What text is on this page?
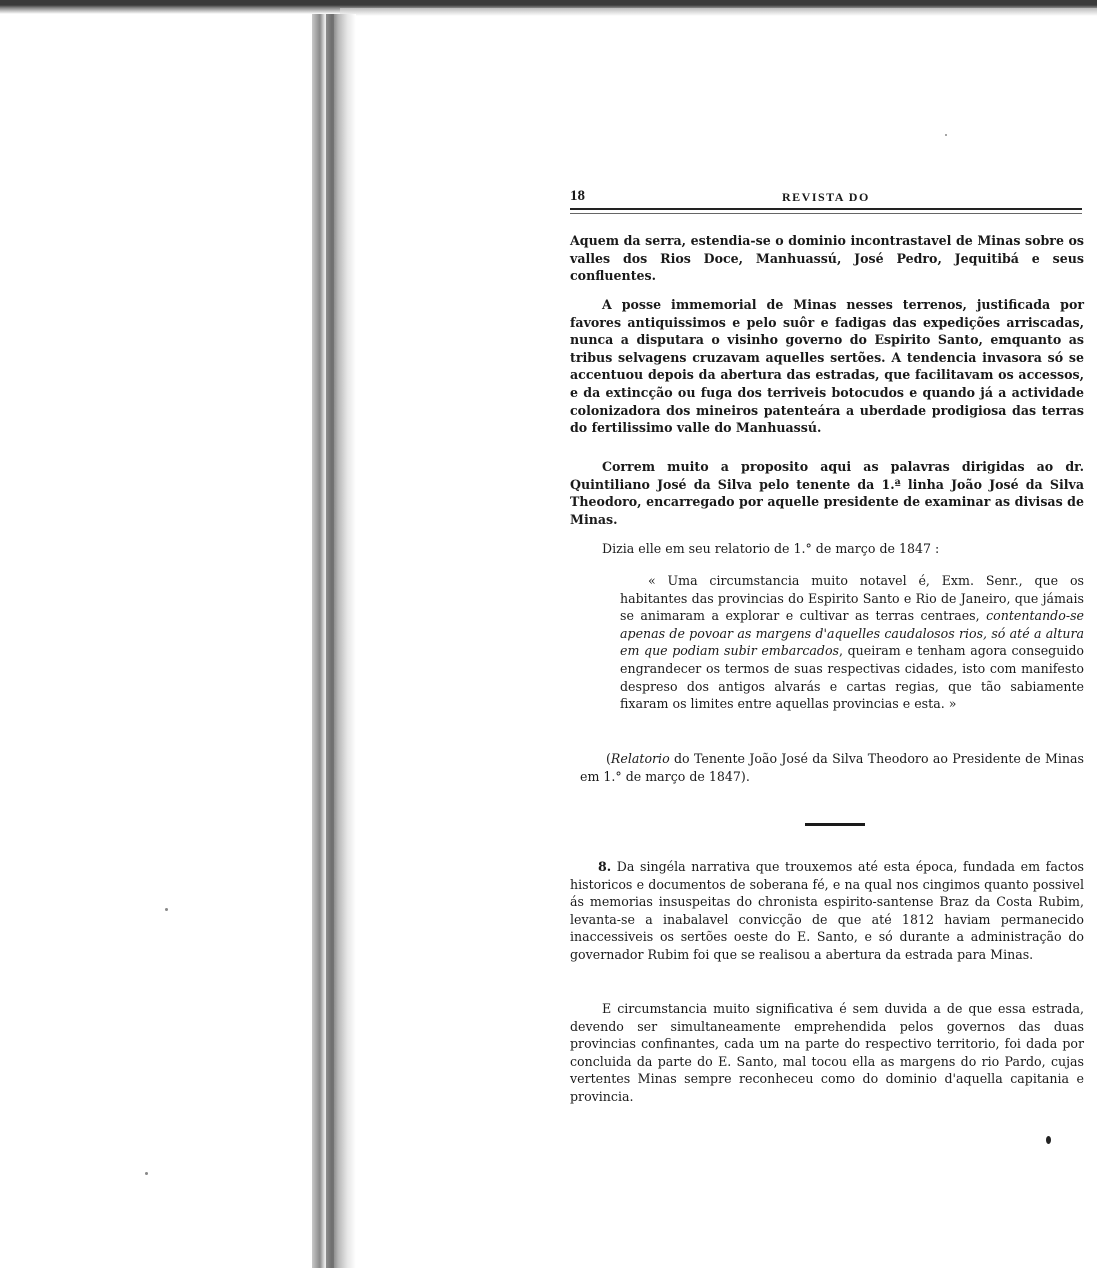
18	REVISTA DO
Aquem da serra, estendia-se o dominio incontrastavel de Minas sobre os valles dos Rios Doce, Manhuassú, José Pedro, Jequitibá e seus confluentes.
A posse immemorial de Minas nesses terrenos, justificada por favores antiquissimos e pelo suôr e fadigas das expedições arriscadas, nunca a disputara o visinho governo do Espirito Santo, emquanto as tribus selvagens cruzavam aquelles sertões. A tendencia invasora só se accentuou depois da abertura das estradas, que facilitavam os accessos, e da extincção ou fuga dos terriveis botocudos e quando já a actividade colonizadora dos mineiros patenteára a uberdade prodigiosa das terras do fertilissimo valle do Manhuassú.
Correm muito a proposito aqui as palavras dirigidas ao dr. Quintiliano José da Silva pelo tenente da 1.ª linha João José da Silva Theodoro, encarregado por aquelle presidente de examinar as divisas de Minas.
Dizia elle em seu relatorio de 1.° de março de 1847 :
« Uma circumstancia muito notavel é, Exm. Senr., que os habitantes das provincias do Espirito Santo e Rio de Janeiro, que jámais se animaram a explorar e cultivar as terras centraes, contentando-se apenas de povoar as margens d'aquelles caudalosos rios, só até a altura em que podiam subir embarcados, queiram e tenham agora conseguido engrandecer os termos de suas respectivas cidades, isto com manifesto despreso dos antigos alvarás e cartas regias, que tão sabiamente fixaram os limites entre aquellas provincias e esta. »
(Relatorio do Tenente João José da Silva Theodoro ao Presidente de Minas em 1.° de março de 1847).
8. Da singéla narrativa que trouxemos até esta época, fundada em factos historicos e documentos de soberana fé, e na qual nos cingimos quanto possivel ás memorias insuspeitas do chronista espirito-santense Braz da Costa Rubim, levanta-se a inabalavel convicção de que até 1812 haviam permanecido inaccessiveis os sertões oeste do E. Santo, e só durante a administração do governador Rubim foi que se realisou a abertura da estrada para Minas.
E circumstancia muito significativa é sem duvida a de que essa estrada, devendo ser simultaneamente emprehendida pelos governos das duas provincias confinantes, cada um na parte do respectivo territorio, foi dada por concluida da parte do E. Santo, mal tocou ella as margens do rio Pardo, cujas vertentes Minas sempre reconheceu como do dominio d'aquella capitania e provincia.
